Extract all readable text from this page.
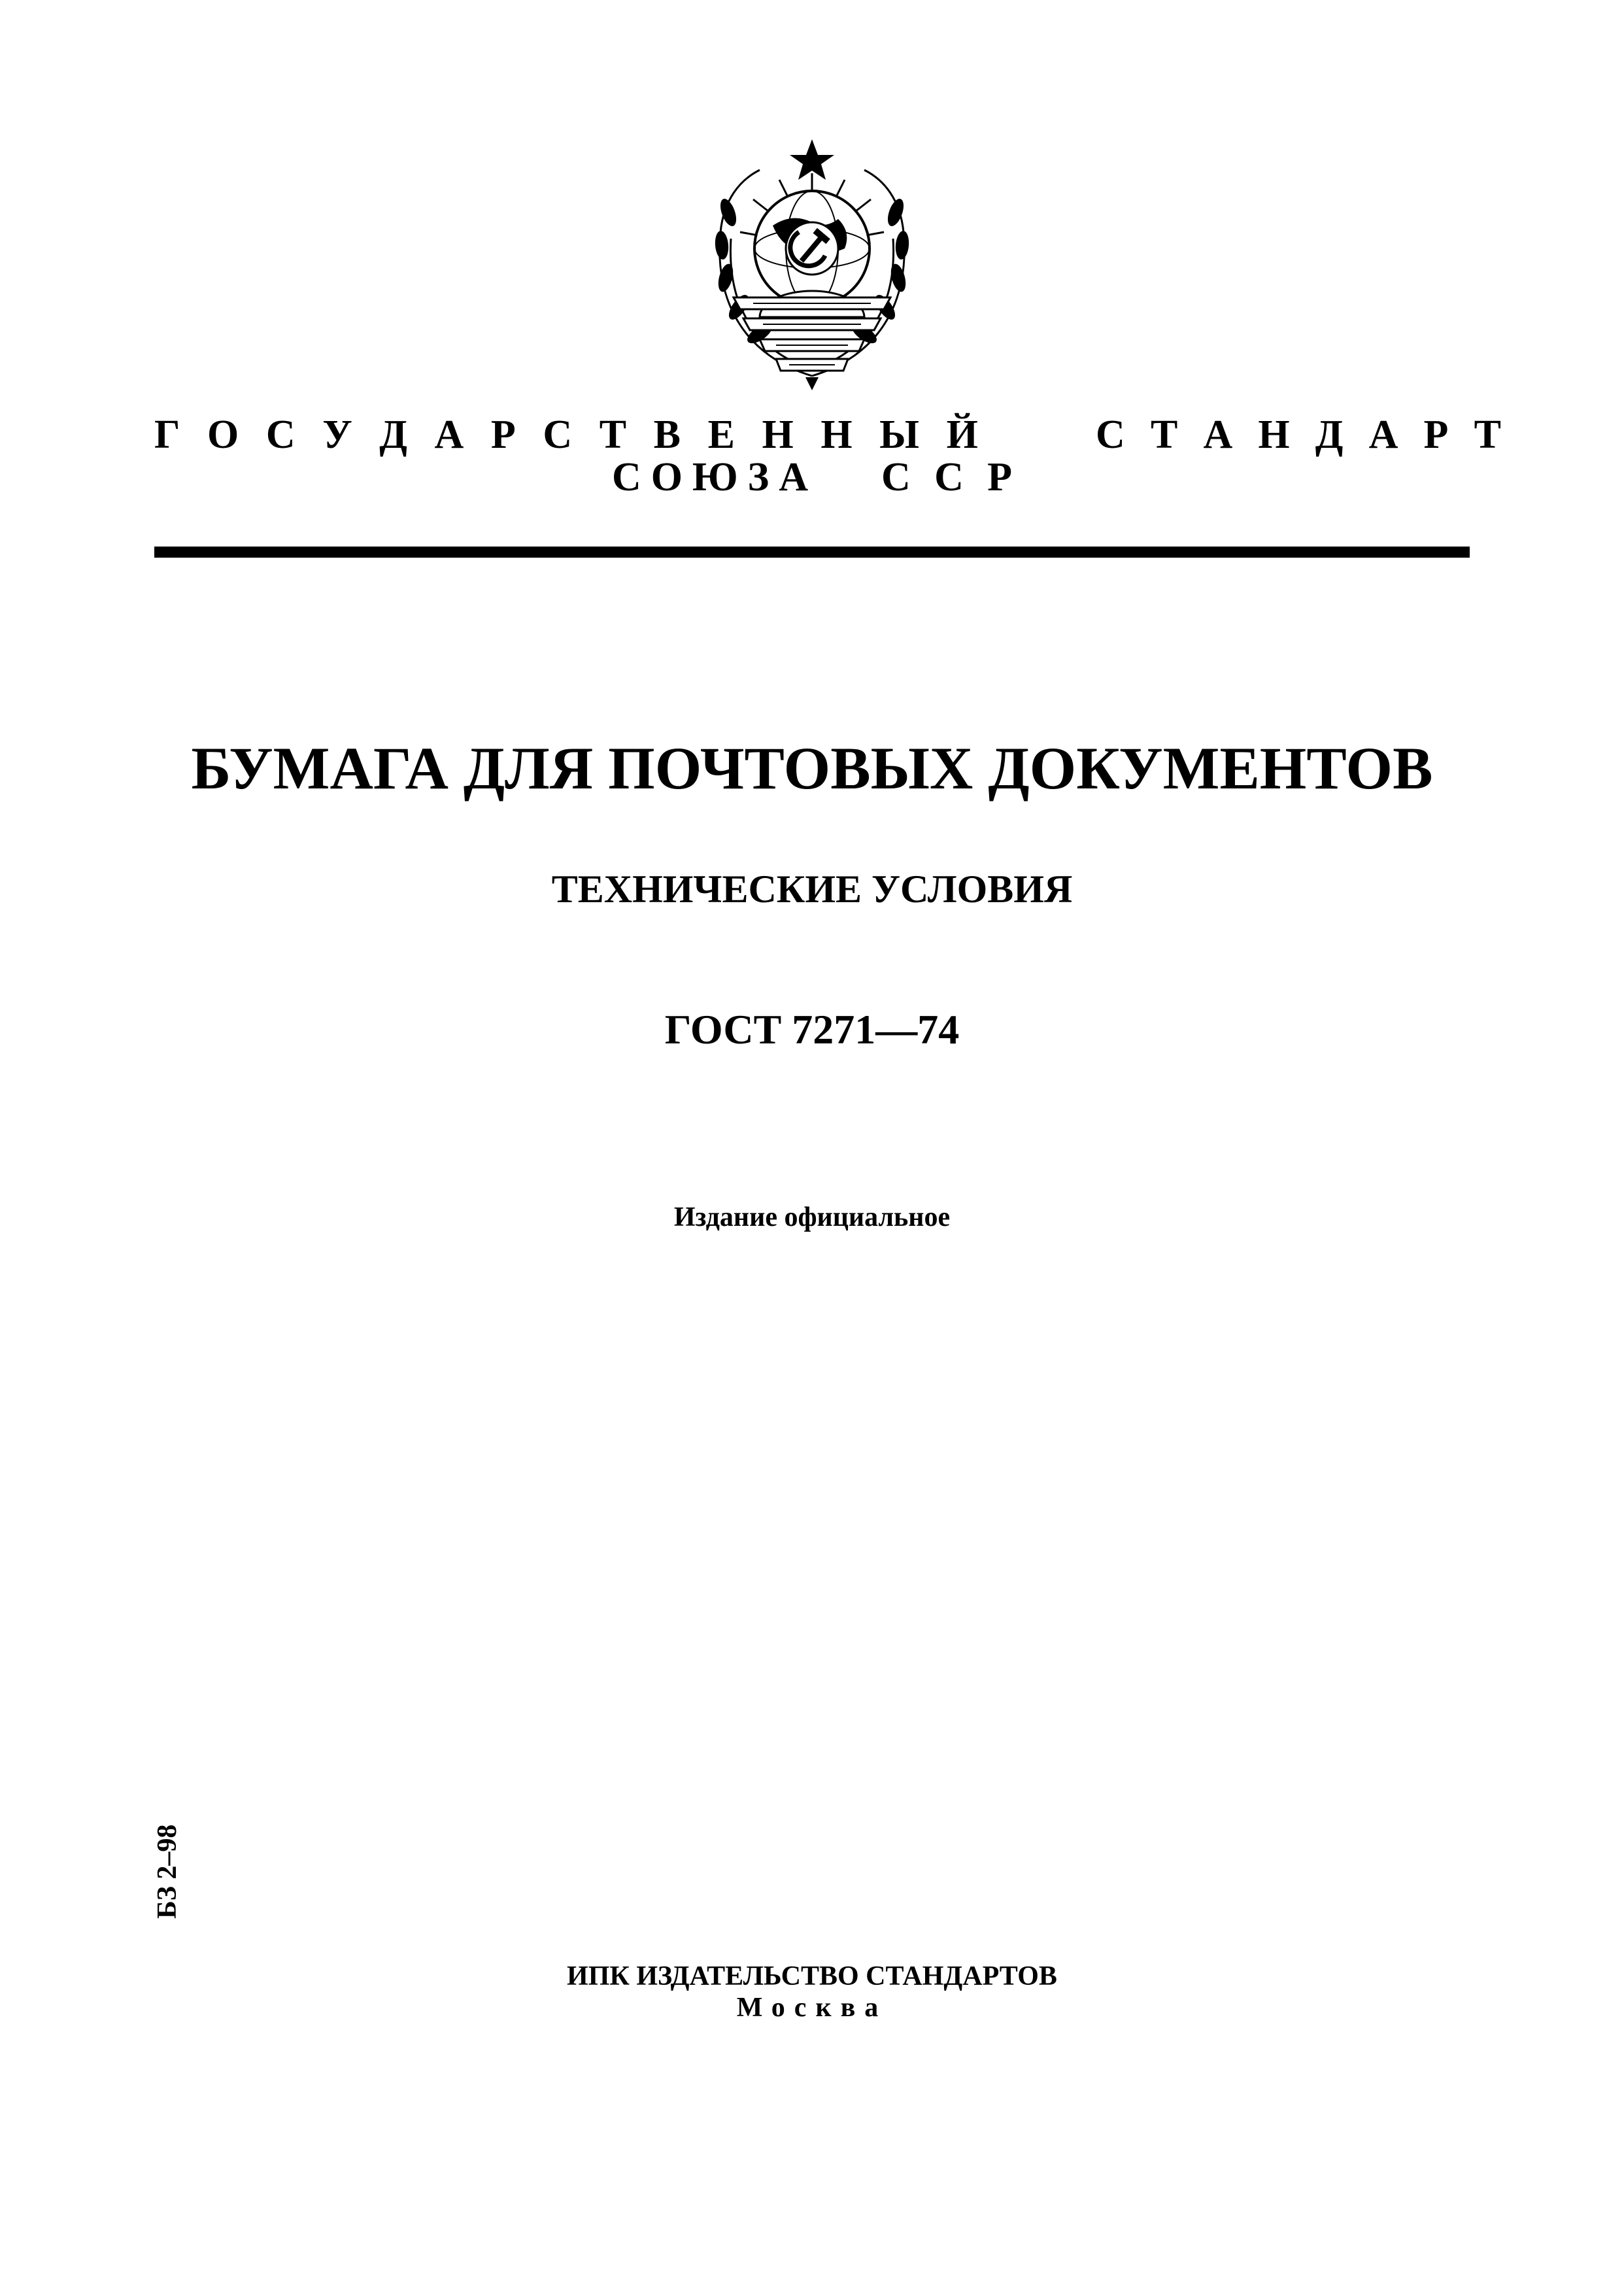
Г О С У Д А Р С Т В Е Н Н Ы Й	С Т А Н Д А Р Т
С О Ю З А С С Р
БУМАГА ДЛЯ ПОЧТОВЫХ ДОКУМЕНТОВ
ТЕХНИЧЕСКИЕ УСЛОВИЯ
ГОСТ 7271—74
Издание официальное
БЗ 2–98
ИПК ИЗДАТЕЛЬСТВО СТАНДАРТОВ
Москва
